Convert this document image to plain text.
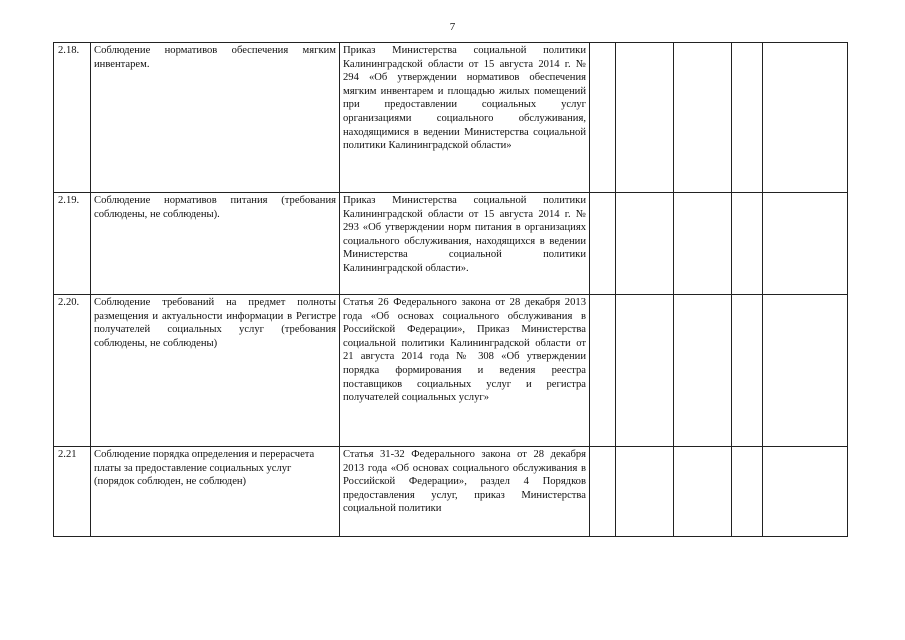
7
2.18.	Соблюдение нормативов обеспечения мягким инвентарем.	Приказ Министерства социальной политики Калининградской области от 15 августа 2014 г. № 294 «Об утверждении нормативов обеспечения мягким инвентарем и площадью жилых помещений при предоставлении социальных услуг организациями социального обслуживания, находящимися в ведении Министерства социальной политики Калининградской области»					
2.19.	Соблюдение нормативов питания (требования соблюдены, не соблюдены).	Приказ Министерства социальной политики Калининградской области от 15 августа 2014 г. № 293 «Об утверждении норм питания в организациях социального обслуживания, находящихся в ведении Министерства социальной политики Калининградской области».					
2.20.	Соблюдение требований на предмет полноты размещения и актуальности информации в Регистре получателей социальных услуг (требования соблюдены, не соблюдены)	Статья 26 Федерального закона от 28 декабря 2013 года «Об основах социального обслуживания в Российской Федерации», Приказ Министерства социальной политики Калининградской области от 21 августа 2014 года № 308 «Об утверждении порядка формирования и ведения реестра поставщиков социальных услуг и регистра получателей социальных услуг»					
2.21	Соблюдение порядка определения и перерасчета платы за предоставление социальных услуг
(порядок соблюден, не соблюден)	Статья 31-32 Федерального закона от 28 декабря 2013 года «Об основах социального обслуживания в Российской Федерации», раздел 4 Порядков предоставления услуг, приказ Министерства социальной политики					
